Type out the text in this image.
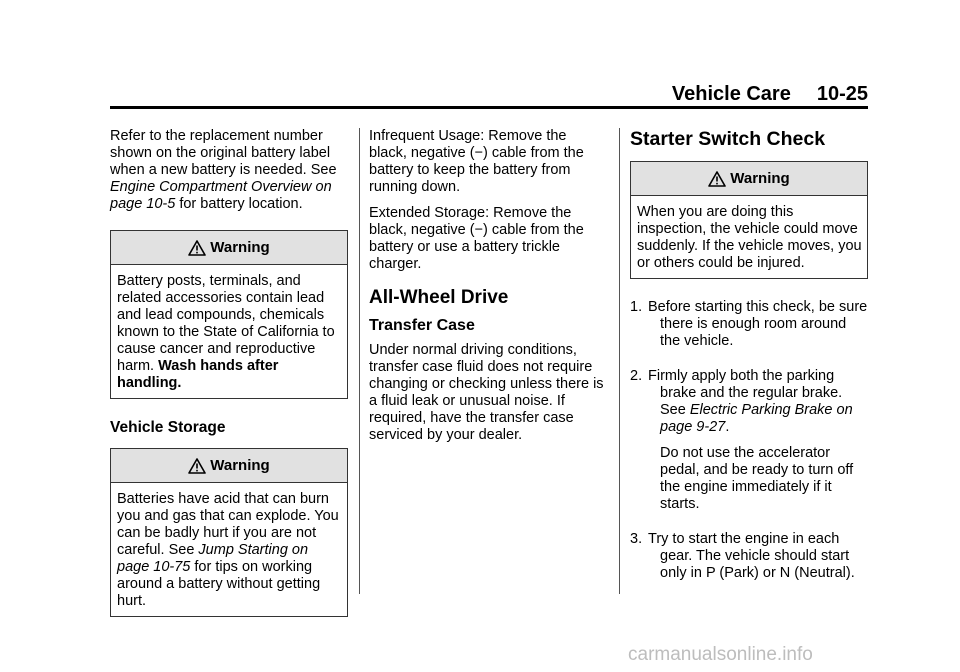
Vehicle Care 10-25

Refer to the replacement number shown on the original battery label when a new battery is needed. See Engine Compartment Overview on page 10-5 for battery location.

Warning
Battery posts, terminals, and related accessories contain lead and lead compounds, chemicals known to the State of California to cause cancer and reproductive harm. Wash hands after handling.
Vehicle Storage
Warning
Batteries have acid that can burn you and gas that can explode. You can be badly hurt if you are not careful. See Jump Starting on page 10-75 for tips on working around a battery without getting hurt.

Infrequent Usage: Remove the black, negative (−) cable from the battery to keep the battery from running down.

Extended Storage: Remove the black, negative (−) cable from the battery or use a battery trickle charger.

All-Wheel Drive
Transfer Case

Under normal driving conditions, transfer case fluid does not require changing or checking unless there is a fluid leak or unusual noise. If required, have the transfer case serviced by your dealer.

Starter Switch Check
Warning
When you are doing this inspection, the vehicle could move suddenly. If the vehicle moves, you or others could be injured.
1. Before starting this check, be sure there is enough room around the vehicle.

2. Firmly apply both the parking brake and the regular brake. See Electric Parking Brake on page 9-27.

Do not use the accelerator pedal, and be ready to turn off the engine immediately if it starts.

3. Try to start the engine in each gear. The vehicle should start only in P (Park) or N (Neutral).

carmanualsonline.info
